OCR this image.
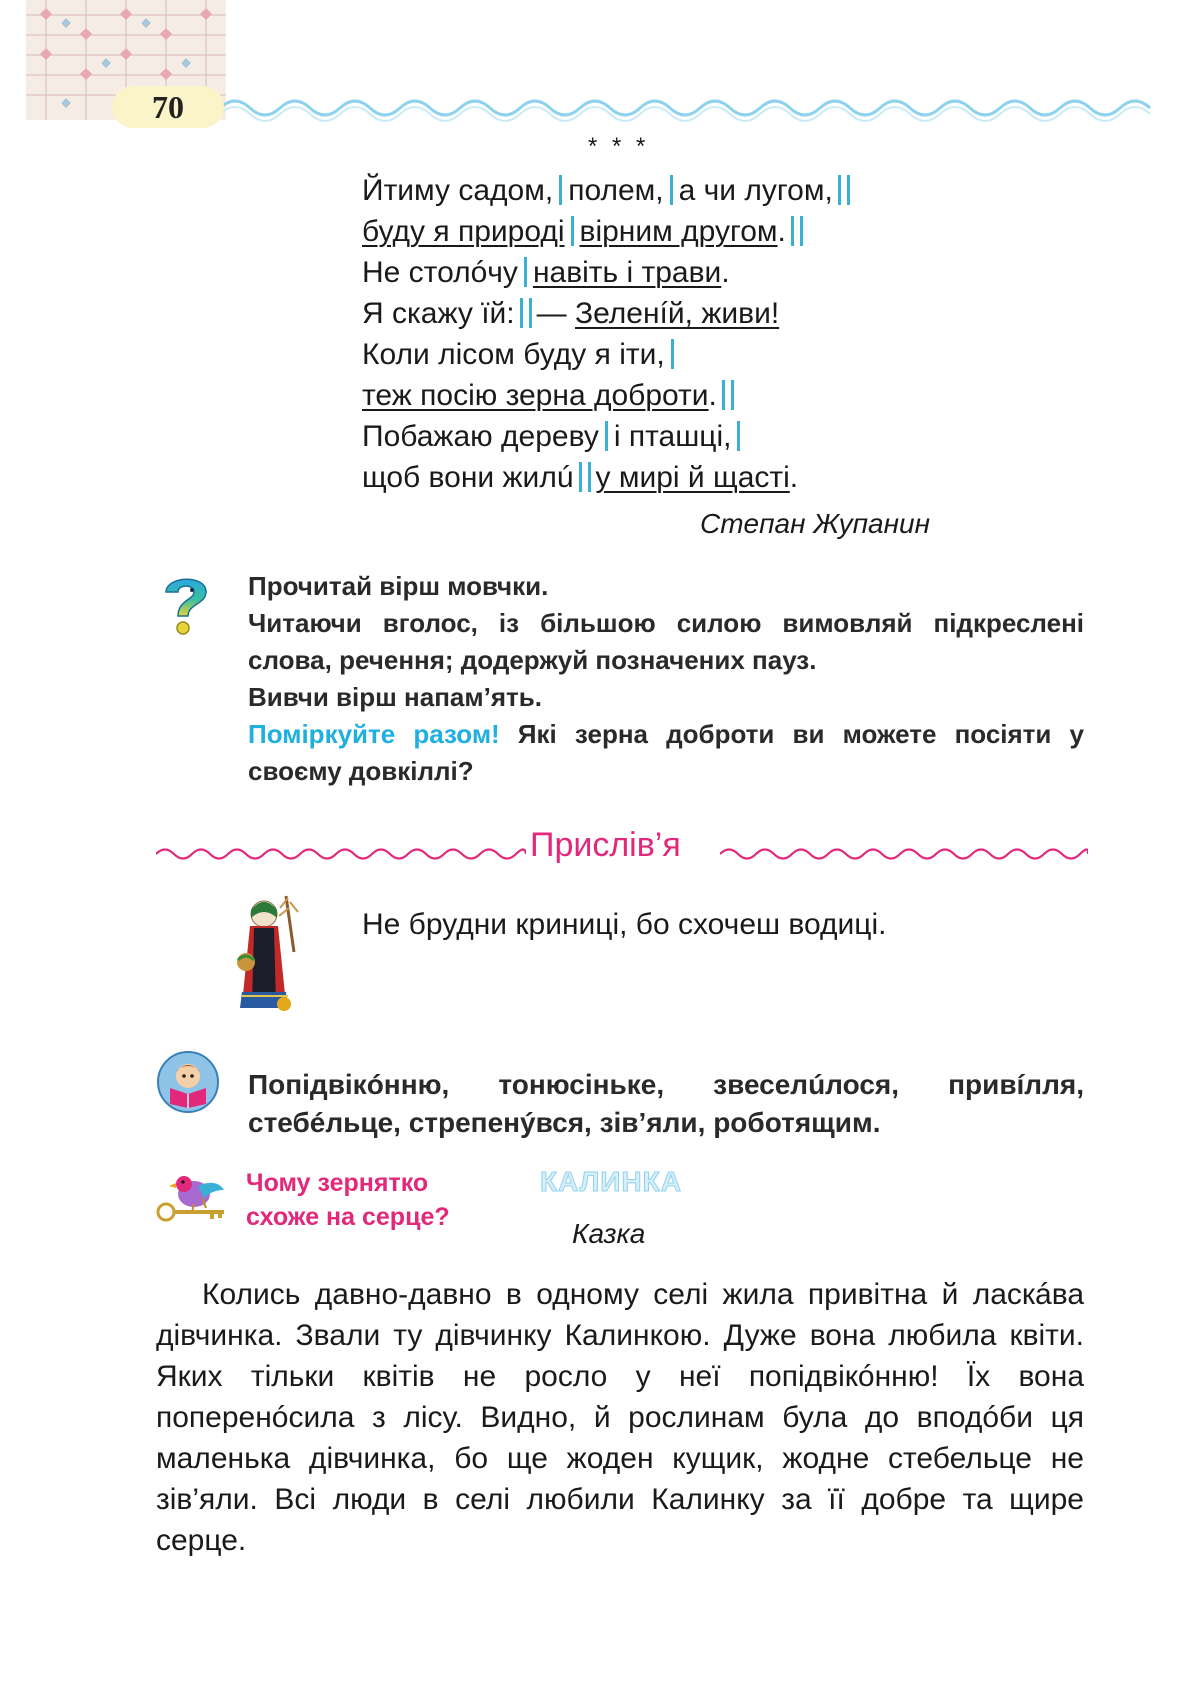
70
* * *
Йтиму садом, полем, а чи лугом,
буду я природі вірним другом.
Не столóчу навіть і трави.
Я скажу їй: — Зеленíй, живи!
Коли лісом буду я іти,
теж посію зерна доброти.
Побажаю дереву і пташці,
щоб вони жилú у мирі й щасті.
Степан Жупанин

Прочитай вірш мовчки.

Читаючи вголос, із більшою силою вимовляй підкреслені слова, речення; додержуй позначених пауз.

Вивчи вірш напам’ять.

Поміркуйте разом! Які зерна доброти ви можете посіяти у своєму довкіллі?

Прислів’я
Не брудни криниці, бо схочеш водиці.
Попідвікóнню, тонюсінькe, звеселúлося, привíлля,
стебéльце, стрепенýвся, зів’яли, роботящим.
Чому зернятко
схоже на серце?
КАЛИНКА
Казка
Колись давно-давно в одному селі жила привітна й ласкáва дівчинка. Звали ту дівчинку Калинкою. Дуже вона любила квіти. Яких тільки квітів не росло у неї попідвікóнню! Їх вона поперенóсила з лісу. Видно, й рослинам була до вподóби ця маленька дівчинка, бо ще жоден кущик, жодне стебельце не зів’яли. Всі люди в селі любили Калинку за її добре та щире серце.
